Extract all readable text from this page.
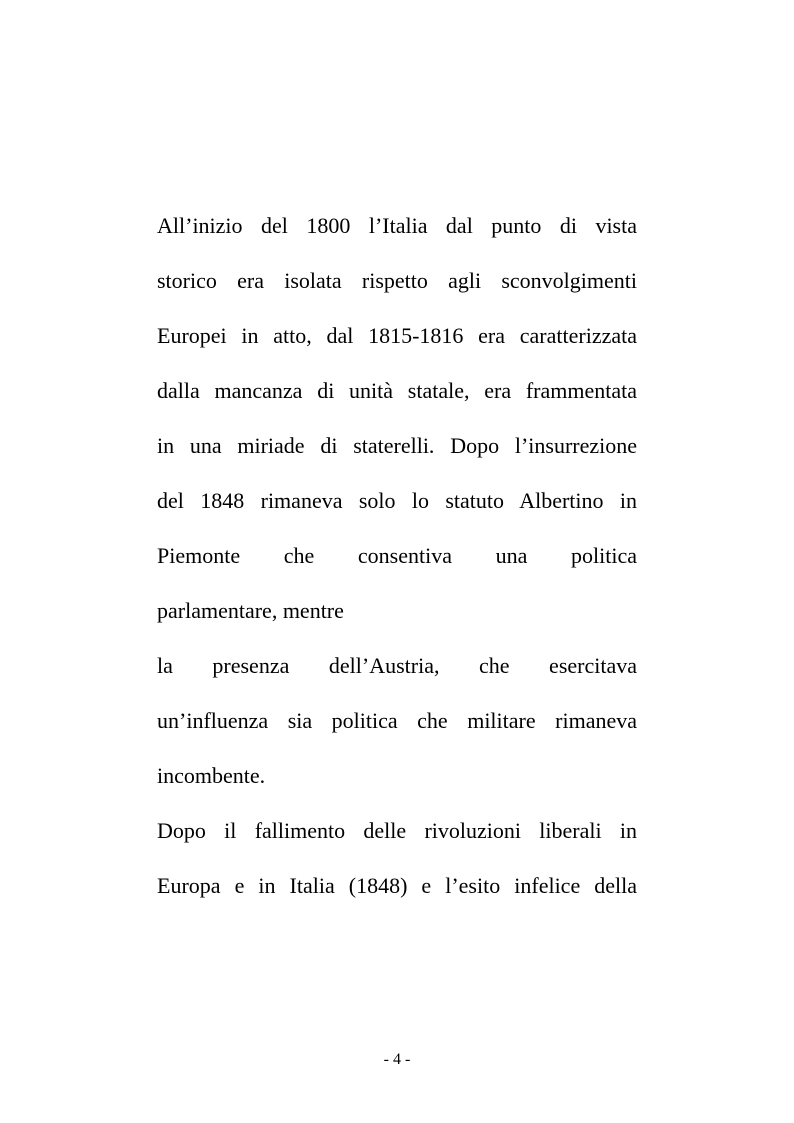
All’inizio del 1800 l’Italia dal punto di vista
storico era isolata rispetto agli sconvolgimenti
Europei in atto, dal 1815-1816 era caratterizzata
dalla mancanza di unità statale, era frammentata
in una miriade di staterelli. Dopo l’insurrezione
del 1848 rimaneva solo lo statuto Albertino in
Piemonte che consentiva una politica
parlamentare, mentre
la presenza dell’Austria, che esercitava
un’influenza sia politica che militare rimaneva
incombente.
Dopo il fallimento delle rivoluzioni liberali in
Europa e in Italia (1848) e l’esito infelice della
- 4 -
